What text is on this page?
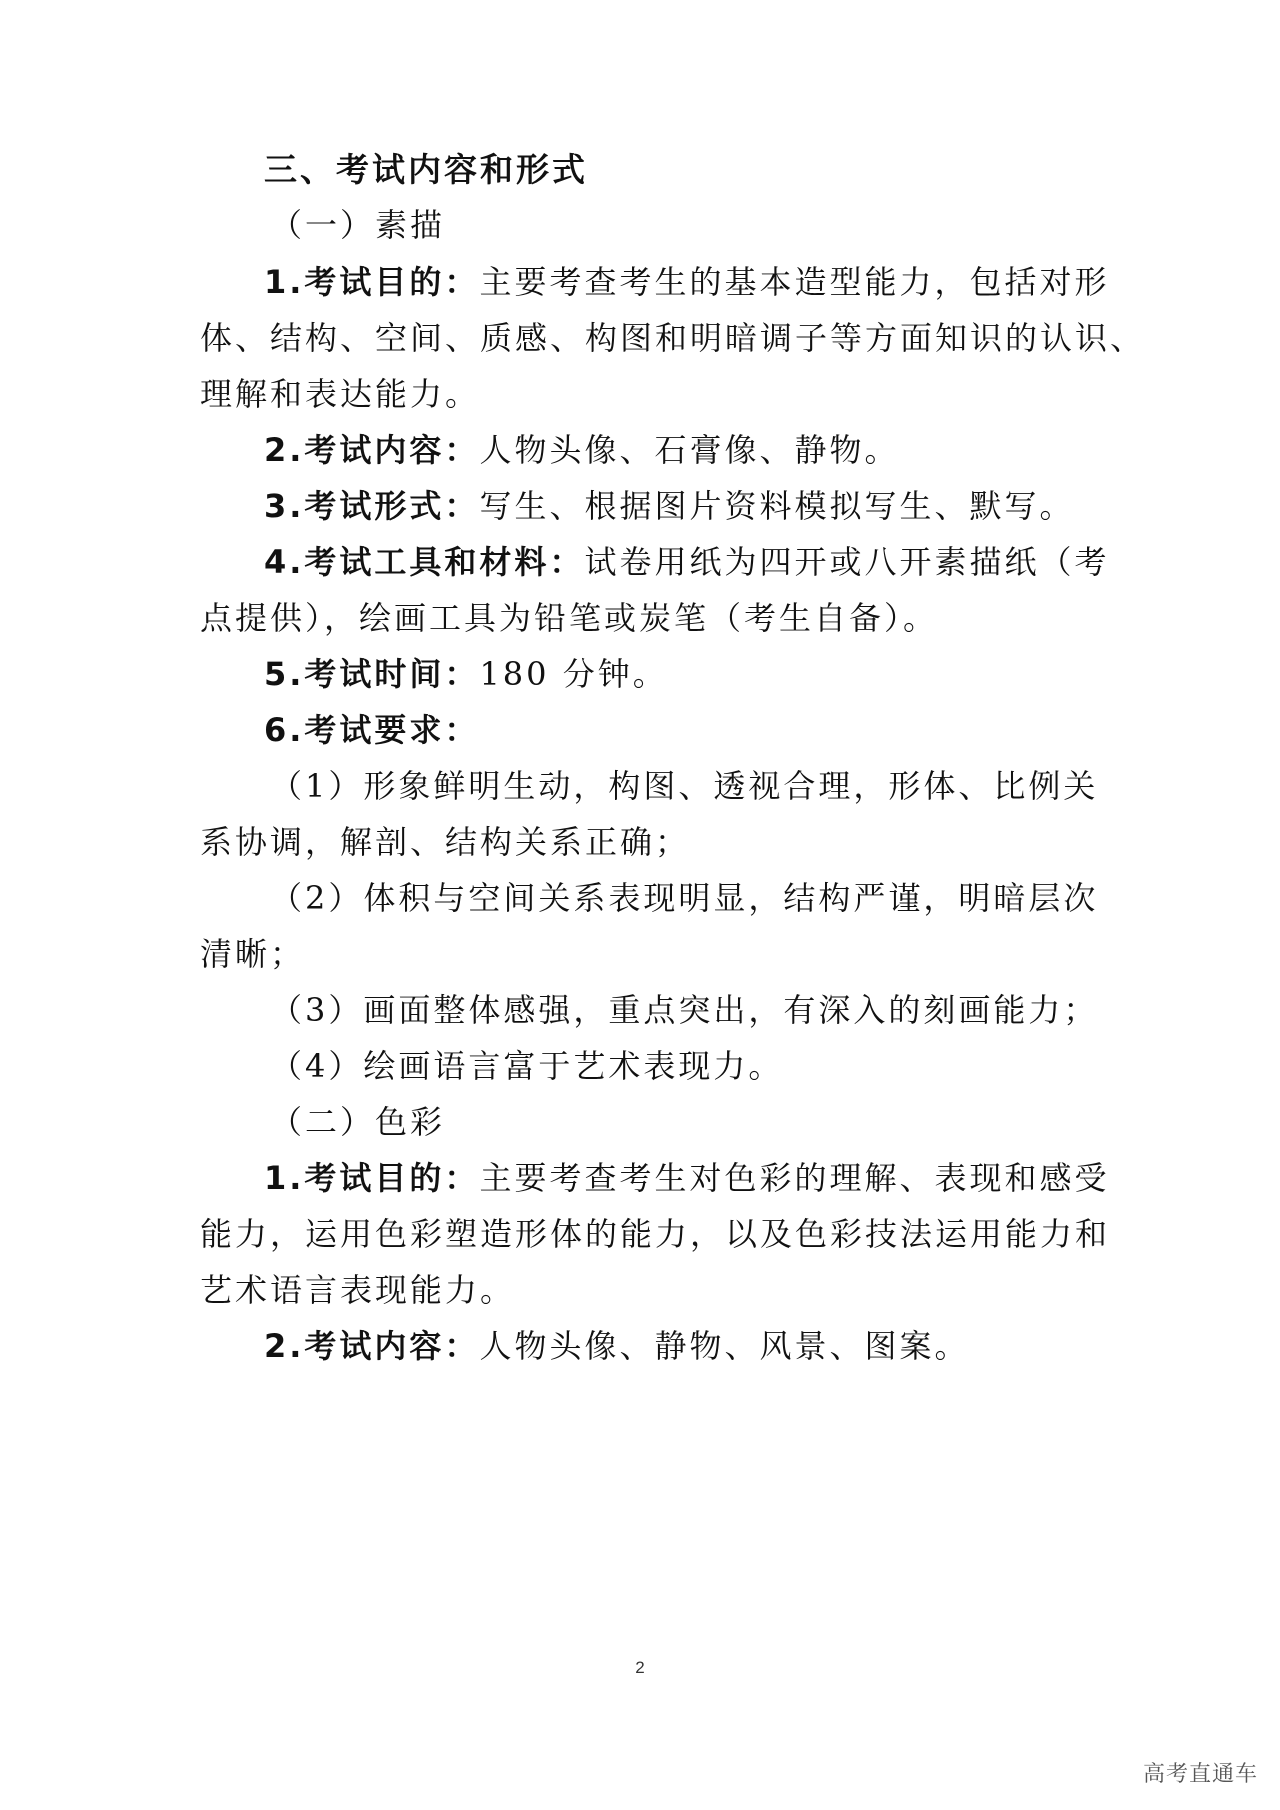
三、考试内容和形式
（一）素描
1.考试目的：主要考查考生的基本造型能力，包括对形
体、结构、空间、质感、构图和明暗调子等方面知识的认识、
理解和表达能力。
2.考试内容：人物头像、石膏像、静物。
3.考试形式：写生、根据图片资料模拟写生、默写。
4.考试工具和材料：试卷用纸为四开或八开素描纸（考
点提供），绘画工具为铅笔或炭笔（考生自备）。
5.考试时间：180 分钟。
6.考试要求：
（1）形象鲜明生动，构图、透视合理，形体、比例关
系协调，解剖、结构关系正确；
（2）体积与空间关系表现明显，结构严谨，明暗层次
清晰；
（3）画面整体感强，重点突出，有深入的刻画能力；
（4）绘画语言富于艺术表现力。
（二）色彩
1.考试目的：主要考查考生对色彩的理解、表现和感受
能力，运用色彩塑造形体的能力，以及色彩技法运用能力和
艺术语言表现能力。
2.考试内容：人物头像、静物、风景、图案。
2
高考直通车
